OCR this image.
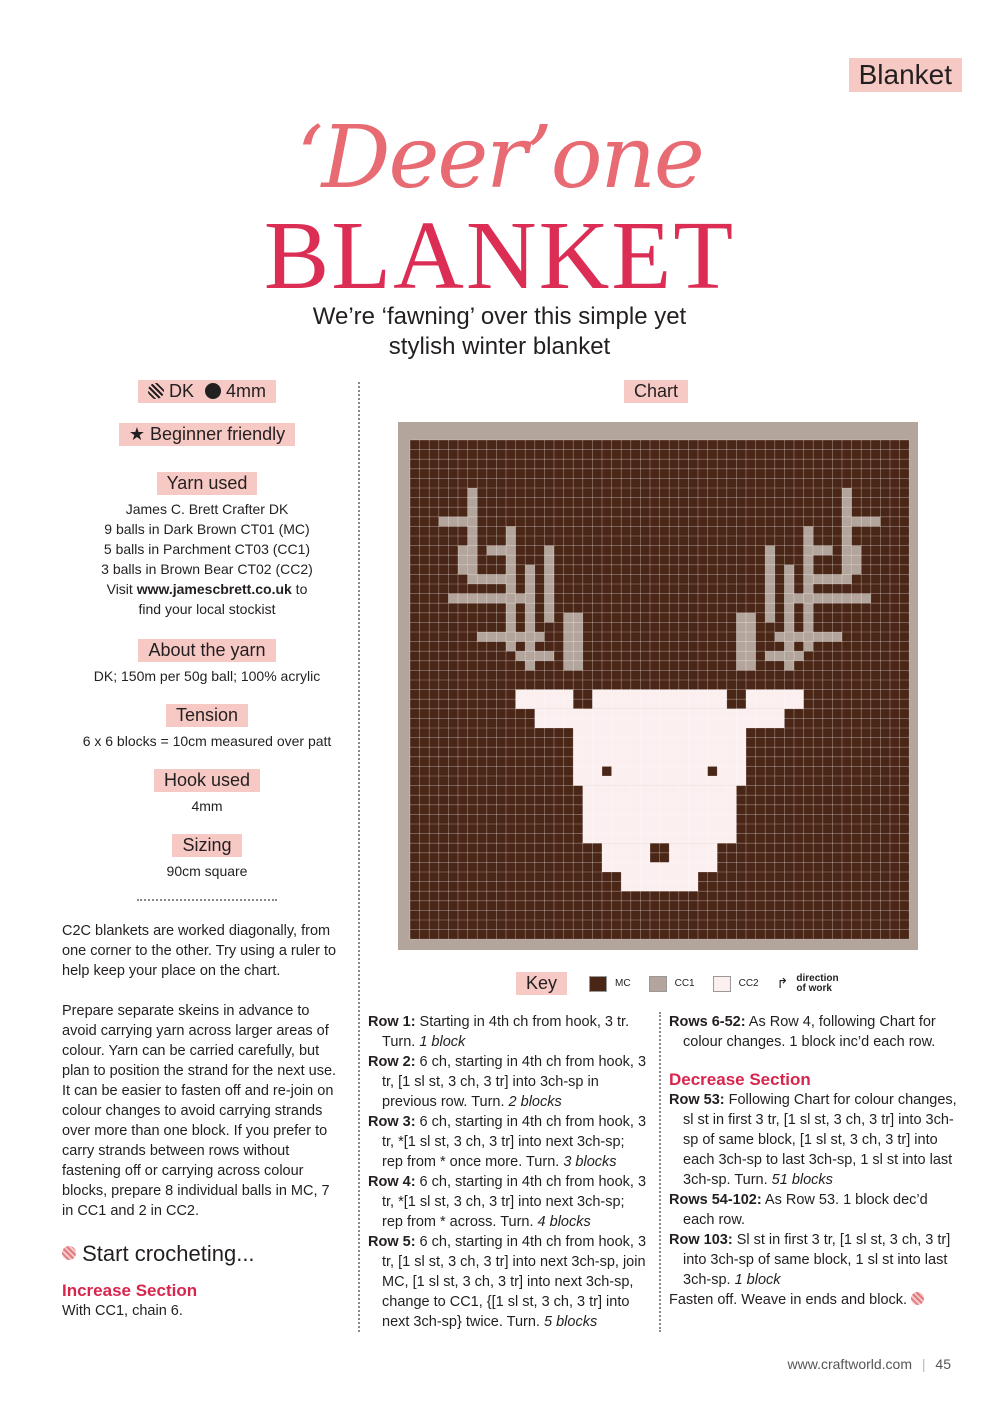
Blanket
‘Deer’one
BLANKET
We’re ‘fawning’ over this simple yet
stylish winter blanket
DK 4mm
★ Beginner friendly
Yarn used
James C. Brett Crafter DK
9 balls in Dark Brown CT01 (MC)
5 balls in Parchment CT03 (CC1)
3 balls in Brown Bear CT02 (CC2)
Visit www.jamescbrett.co.uk to
find your local stockist
About the yarn
DK; 150m per 50g ball; 100% acrylic
Tension
6 x 6 blocks = 10cm measured over patt
Hook used
4mm
Sizing
90cm square
C2C blankets are worked diagonally, from one corner to the other. Try using a ruler to help keep your place on the chart.
Prepare separate skeins in advance to avoid carrying yarn across larger areas of colour. Yarn can be carried carefully, but plan to position the strand for the next use. It can be easier to fasten off and re-join on colour changes to avoid carrying strands over more than one block. If you prefer to carry strands between rows without fastening off or carrying across colour blocks, prepare 8 individual balls in MC, 7 in CC1 and 2 in CC2.
Start crocheting...
Increase Section
With CC1, chain 6.
Chart
Key	MC	CC1	CC2 ↱ direction of work

Row 1: Starting in 4th ch from hook, 3 tr. Turn. 1 block

Row 2: 6 ch, starting in 4th ch from hook, 3 tr, [1 sl st, 3 ch, 3 tr] into 3ch-sp in previous row. Turn. 2 blocks

Row 3: 6 ch, starting in 4th ch from hook, 3 tr, *[1 sl st, 3 ch, 3 tr] into next 3ch-sp; rep from * once more. Turn. 3 blocks

Row 4: 6 ch, starting in 4th ch from hook, 3 tr, *[1 sl st, 3 ch, 3 tr] into next 3ch-sp; rep from * across. Turn. 4 blocks

Row 5: 6 ch, starting in 4th ch from hook, 3 tr, [1 sl st, 3 ch, 3 tr] into next 3ch-sp, join MC, [1 sl st, 3 ch, 3 tr] into next 3ch-sp, change to CC1, {[1 sl st, 3 ch, 3 tr] into next 3ch-sp} twice. Turn. 5 blocks

Rows 6-52: As Row 4, following Chart for colour changes. 1 block inc’d each row.

Decrease Section

Row 53: Following Chart for colour changes, sl st in first 3 tr, [1 sl st, 3 ch, 3 tr] into 3ch-sp of same block, [1 sl st, 3 ch, 3 tr] into each 3ch-sp to last 3ch-sp, 1 sl st into last 3ch-sp. Turn. 51 blocks

Rows 54-102: As Row 53. 1 block dec’d each row.

Row 103: Sl st in first 3 tr, [1 sl st, 3 ch, 3 tr] into 3ch-sp of same block, 1 sl st into last 3ch-sp. 1 block

Fasten off. Weave in ends and block.

www.craftworld.com | 45
